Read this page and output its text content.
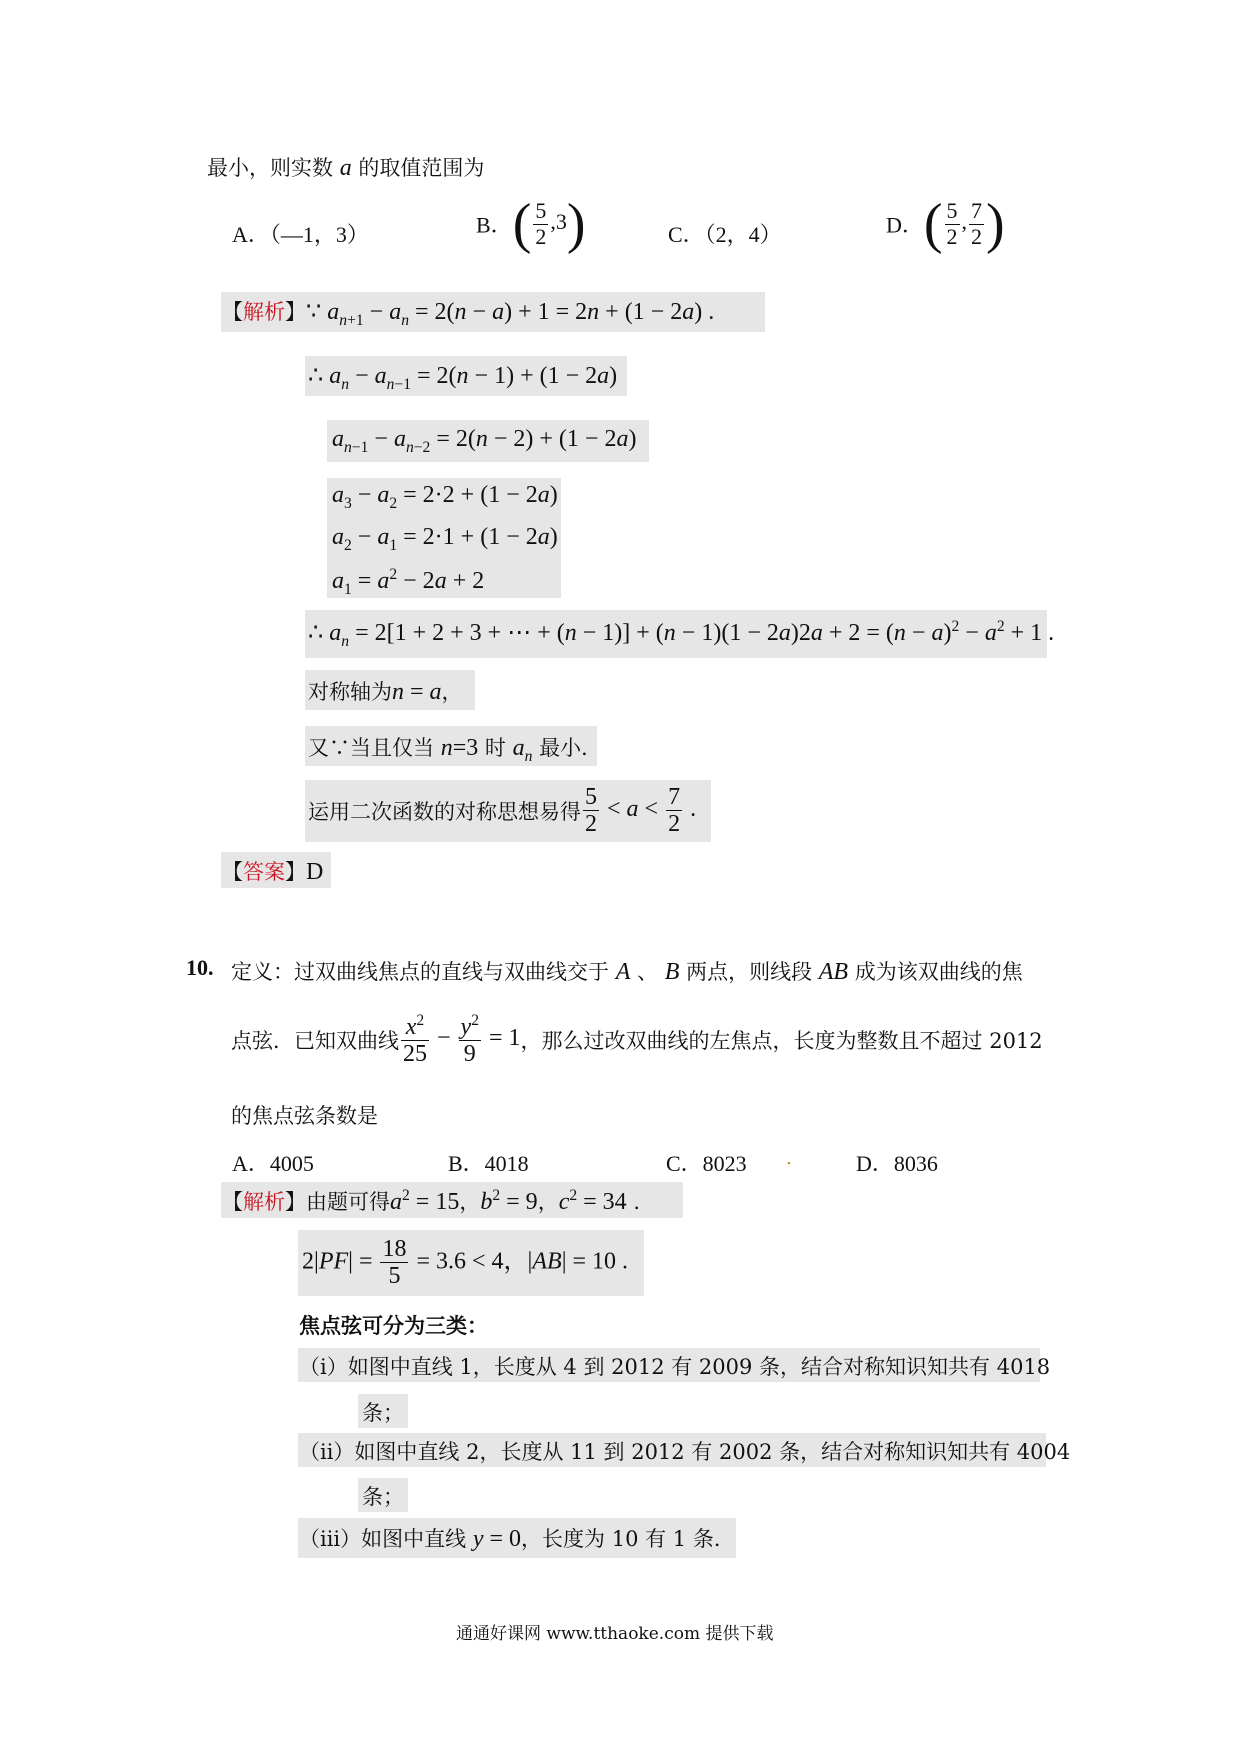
最小，则实数 a 的取值范围为
A．（—1，3）	B．( $\frac{5}{2} ,3$)	C．（2，4）	D．( $\frac{5}{2}$ , $\frac{7}{2}$ )
【解析】∵ $a_{n+1} - a_n = 2(n - a) + 1 = 2n + (1 - 2a)$ .
∴ $a_n - a_{n-1} = 2(n - 1) + (1 - 2a)$
$a_{n-1} - a_{n-2} = 2(n - 2) + (1 - 2a)$
$a_3 - a_2 = 2\cdot 2 + (1 - 2a)$
$a_2 - a_1 = 2\cdot 1 + (1 - 2a)$
$a_1 = a^2 - 2a + 2$
∴ $a_n = 2[1 + 2 + 3$ + ⋯ + $(n - 1)] + (n - 1)(1 - 2a)2a + 2 = (n - a)^2 - a^2 + 1$ .
对称轴为n = a，
又∵当且仅当 n=3 时 $a_n$ 最小．
运用二次函数的对称思想易得 $\frac{5}{2} < a < \frac{7}{2}$ .
【答案】D
10. 定义：过双曲线焦点的直线与双曲线交于 A 、 B 两点，则线段 AB 成为该双曲线的焦
点弦．已知双曲线 $\frac{x^2}{25} - \frac{y^2}{9} = 1$，那么过改双曲线的左焦点，长度为整数且不超过 2012
的焦点弦条数是
A．4005	B．4018	C．8023 .	D．8036
【解析】由题可得$a^2 = 15$，$b^2 = 9$，$c^2 = 34$ .
$2|PF| = \frac{18}{5} = 3.6 < 4$，|AB| = 10 .
焦点弦可分为三类：
（ⅰ）如图中直线 1，长度从 4 到 2012 有 2009 条，结合对称知识知共有 4018
条；
（ⅱ）如图中直线 2，长度从 11 到 2012 有 2002 条，结合对称知识知共有 4004
条；
（ⅲ）如图中直线 y = 0，长度为 10 有 1 条．
通通好课网 www.tthaoke.com 提供下载
